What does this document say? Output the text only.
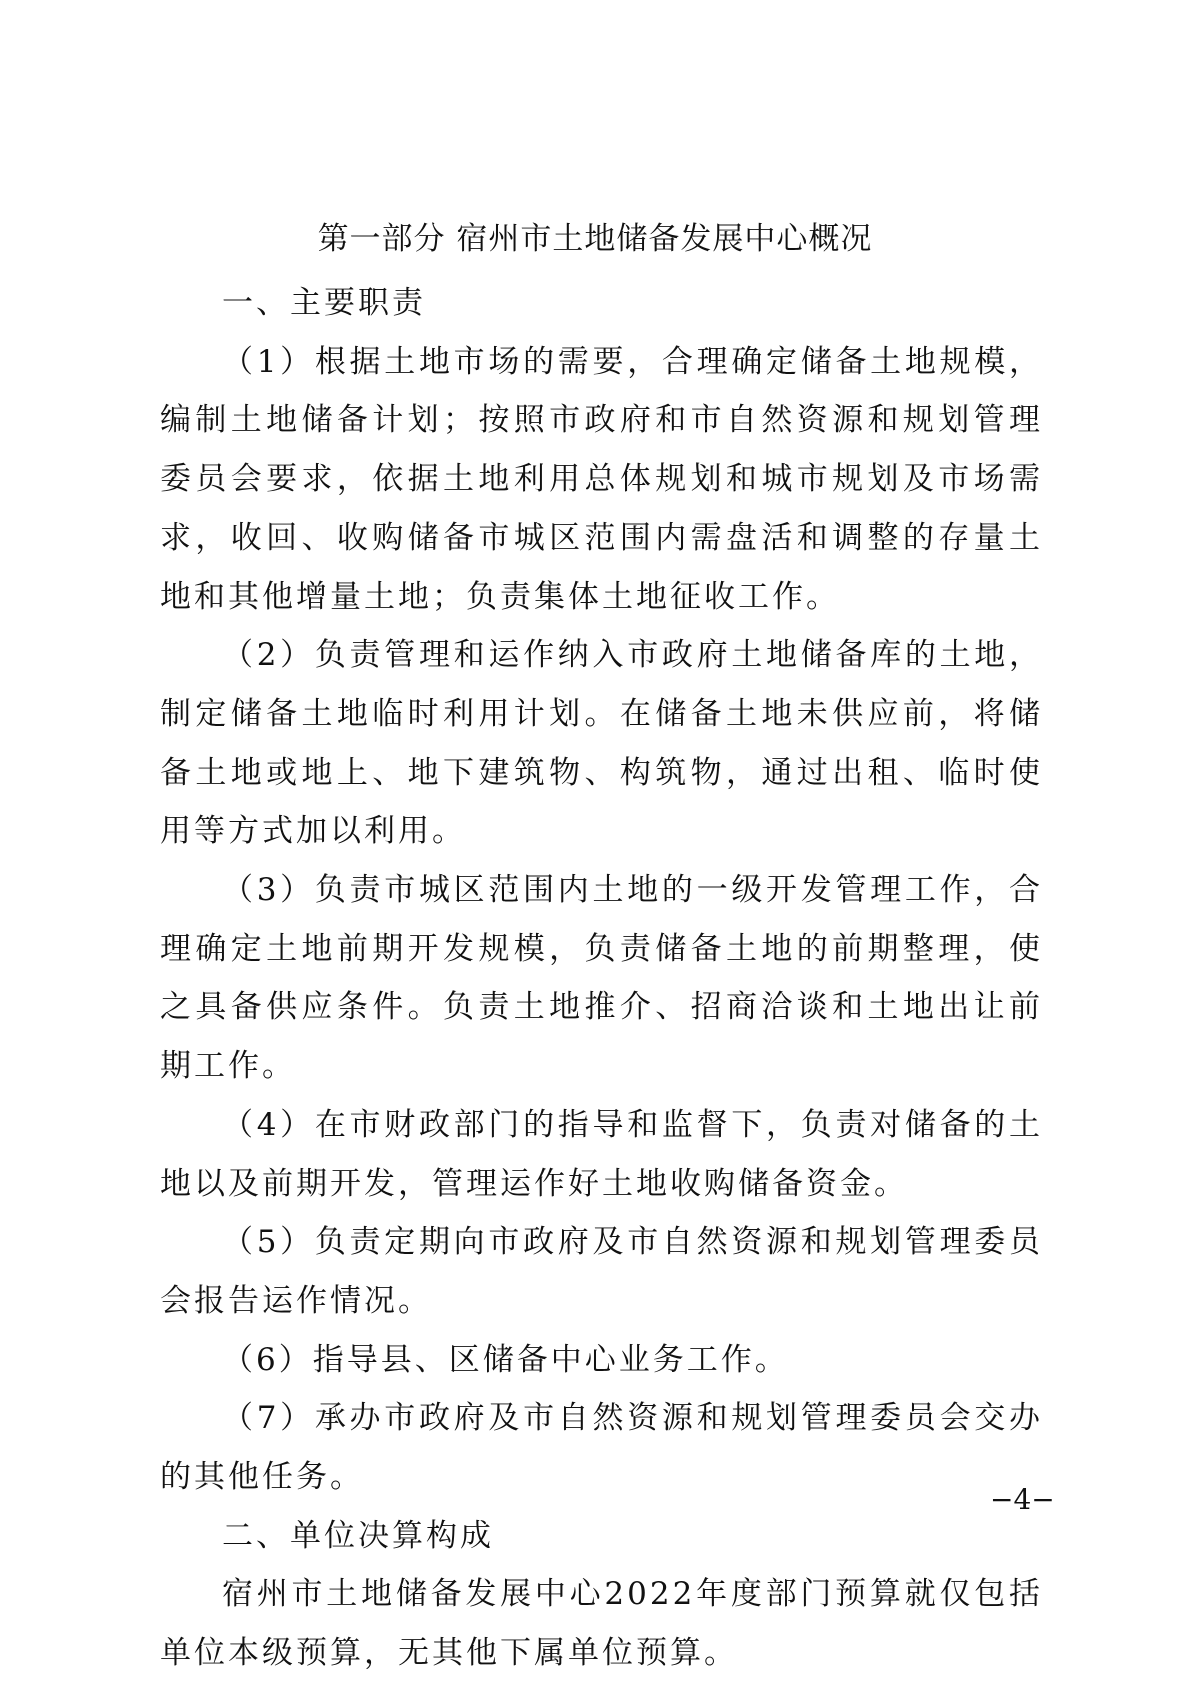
第一部分 宿州市土地储备发展中心概况

一、主要职责

（1）根据土地市场的需要，合理确定储备土地规模，编制土地储备计划；按照市政府和市自然资源和规划管理委员会要求，依据土地利用总体规划和城市规划及市场需求，收回、收购储备市城区范围内需盘活和调整的存量土地和其他增量土地；负责集体土地征收工作。

（2）负责管理和运作纳入市政府土地储备库的土地，制定储备土地临时利用计划。在储备土地未供应前，将储备土地或地上、地下建筑物、构筑物，通过出租、临时使用等方式加以利用。

（3）负责市城区范围内土地的一级开发管理工作，合理确定土地前期开发规模，负责储备土地的前期整理，使之具备供应条件。负责土地推介、招商洽谈和土地出让前期工作。

（4）在市财政部门的指导和监督下，负责对储备的土地以及前期开发，管理运作好土地收购储备资金。

（5）负责定期向市政府及市自然资源和规划管理委员会报告运作情况。

（6）指导县、区储备中心业务工作。

（7）承办市政府及市自然资源和规划管理委员会交办的其他任务。

二、单位决算构成

宿州市土地储备发展中心2022年度部门预算就仅包括单位本级预算，无其他下属单位预算。

−4−
